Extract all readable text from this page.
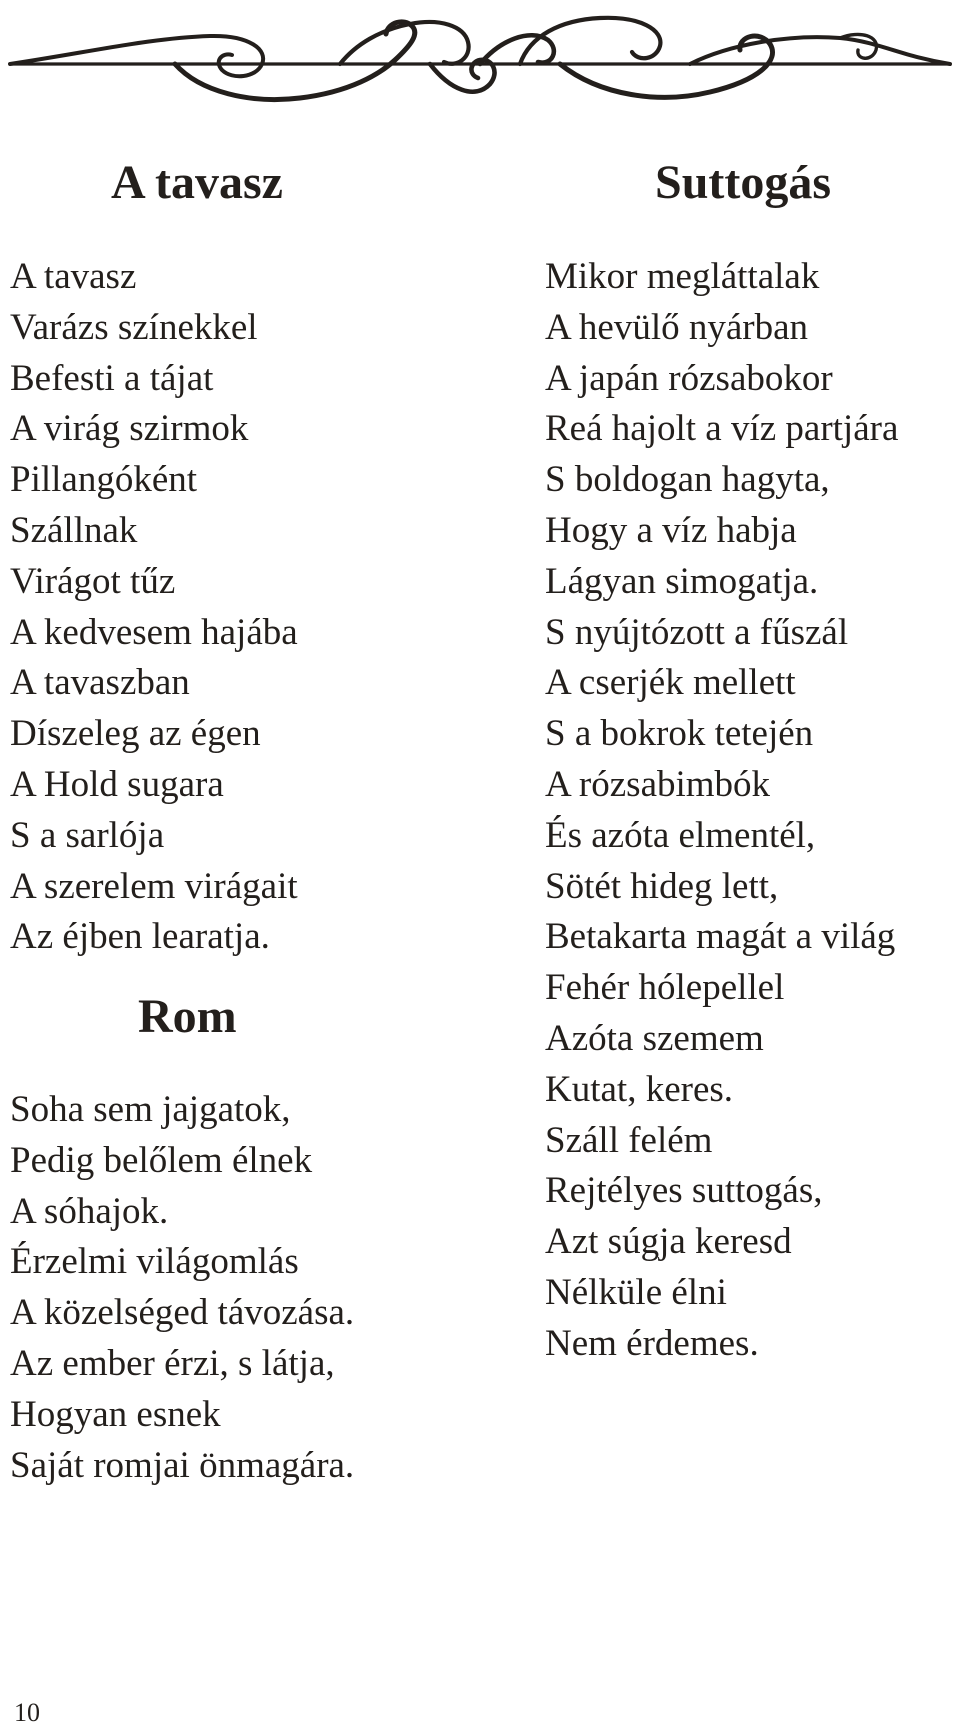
A tavasz
A tavasz
Varázs színekkel
Befesti a tájat
A virág szirmok
Pillangóként
Szállnak
Virágot tűz
A kedvesem hajába
A tavaszban
Díszeleg az égen
A Hold sugara
S a sarlója
A szerelem virágait
Az éjben learatja.
Rom
Soha sem jajgatok,
Pedig belőlem élnek
A sóhajok.
Érzelmi világomlás
A közelséged távozása.
Az ember érzi, s látja,
Hogyan esnek
Saját romjai önmagára.
Suttogás
Mikor megláttalak
A hevülő nyárban
A japán rózsabokor
Reá hajolt a víz partjára
S boldogan hagyta,
Hogy a víz habja
Lágyan simogatja.
S nyújtózott a fűszál
A cserjék mellett
S a bokrok tetején
A rózsabimbók
És azóta elmentél,
Sötét hideg lett,
Betakarta magát a világ
Fehér hólepellel
Azóta szemem
Kutat, keres.
Száll felém
Rejtélyes suttogás,
Azt súgja keresd
Nélküle élni
Nem érdemes.
10
